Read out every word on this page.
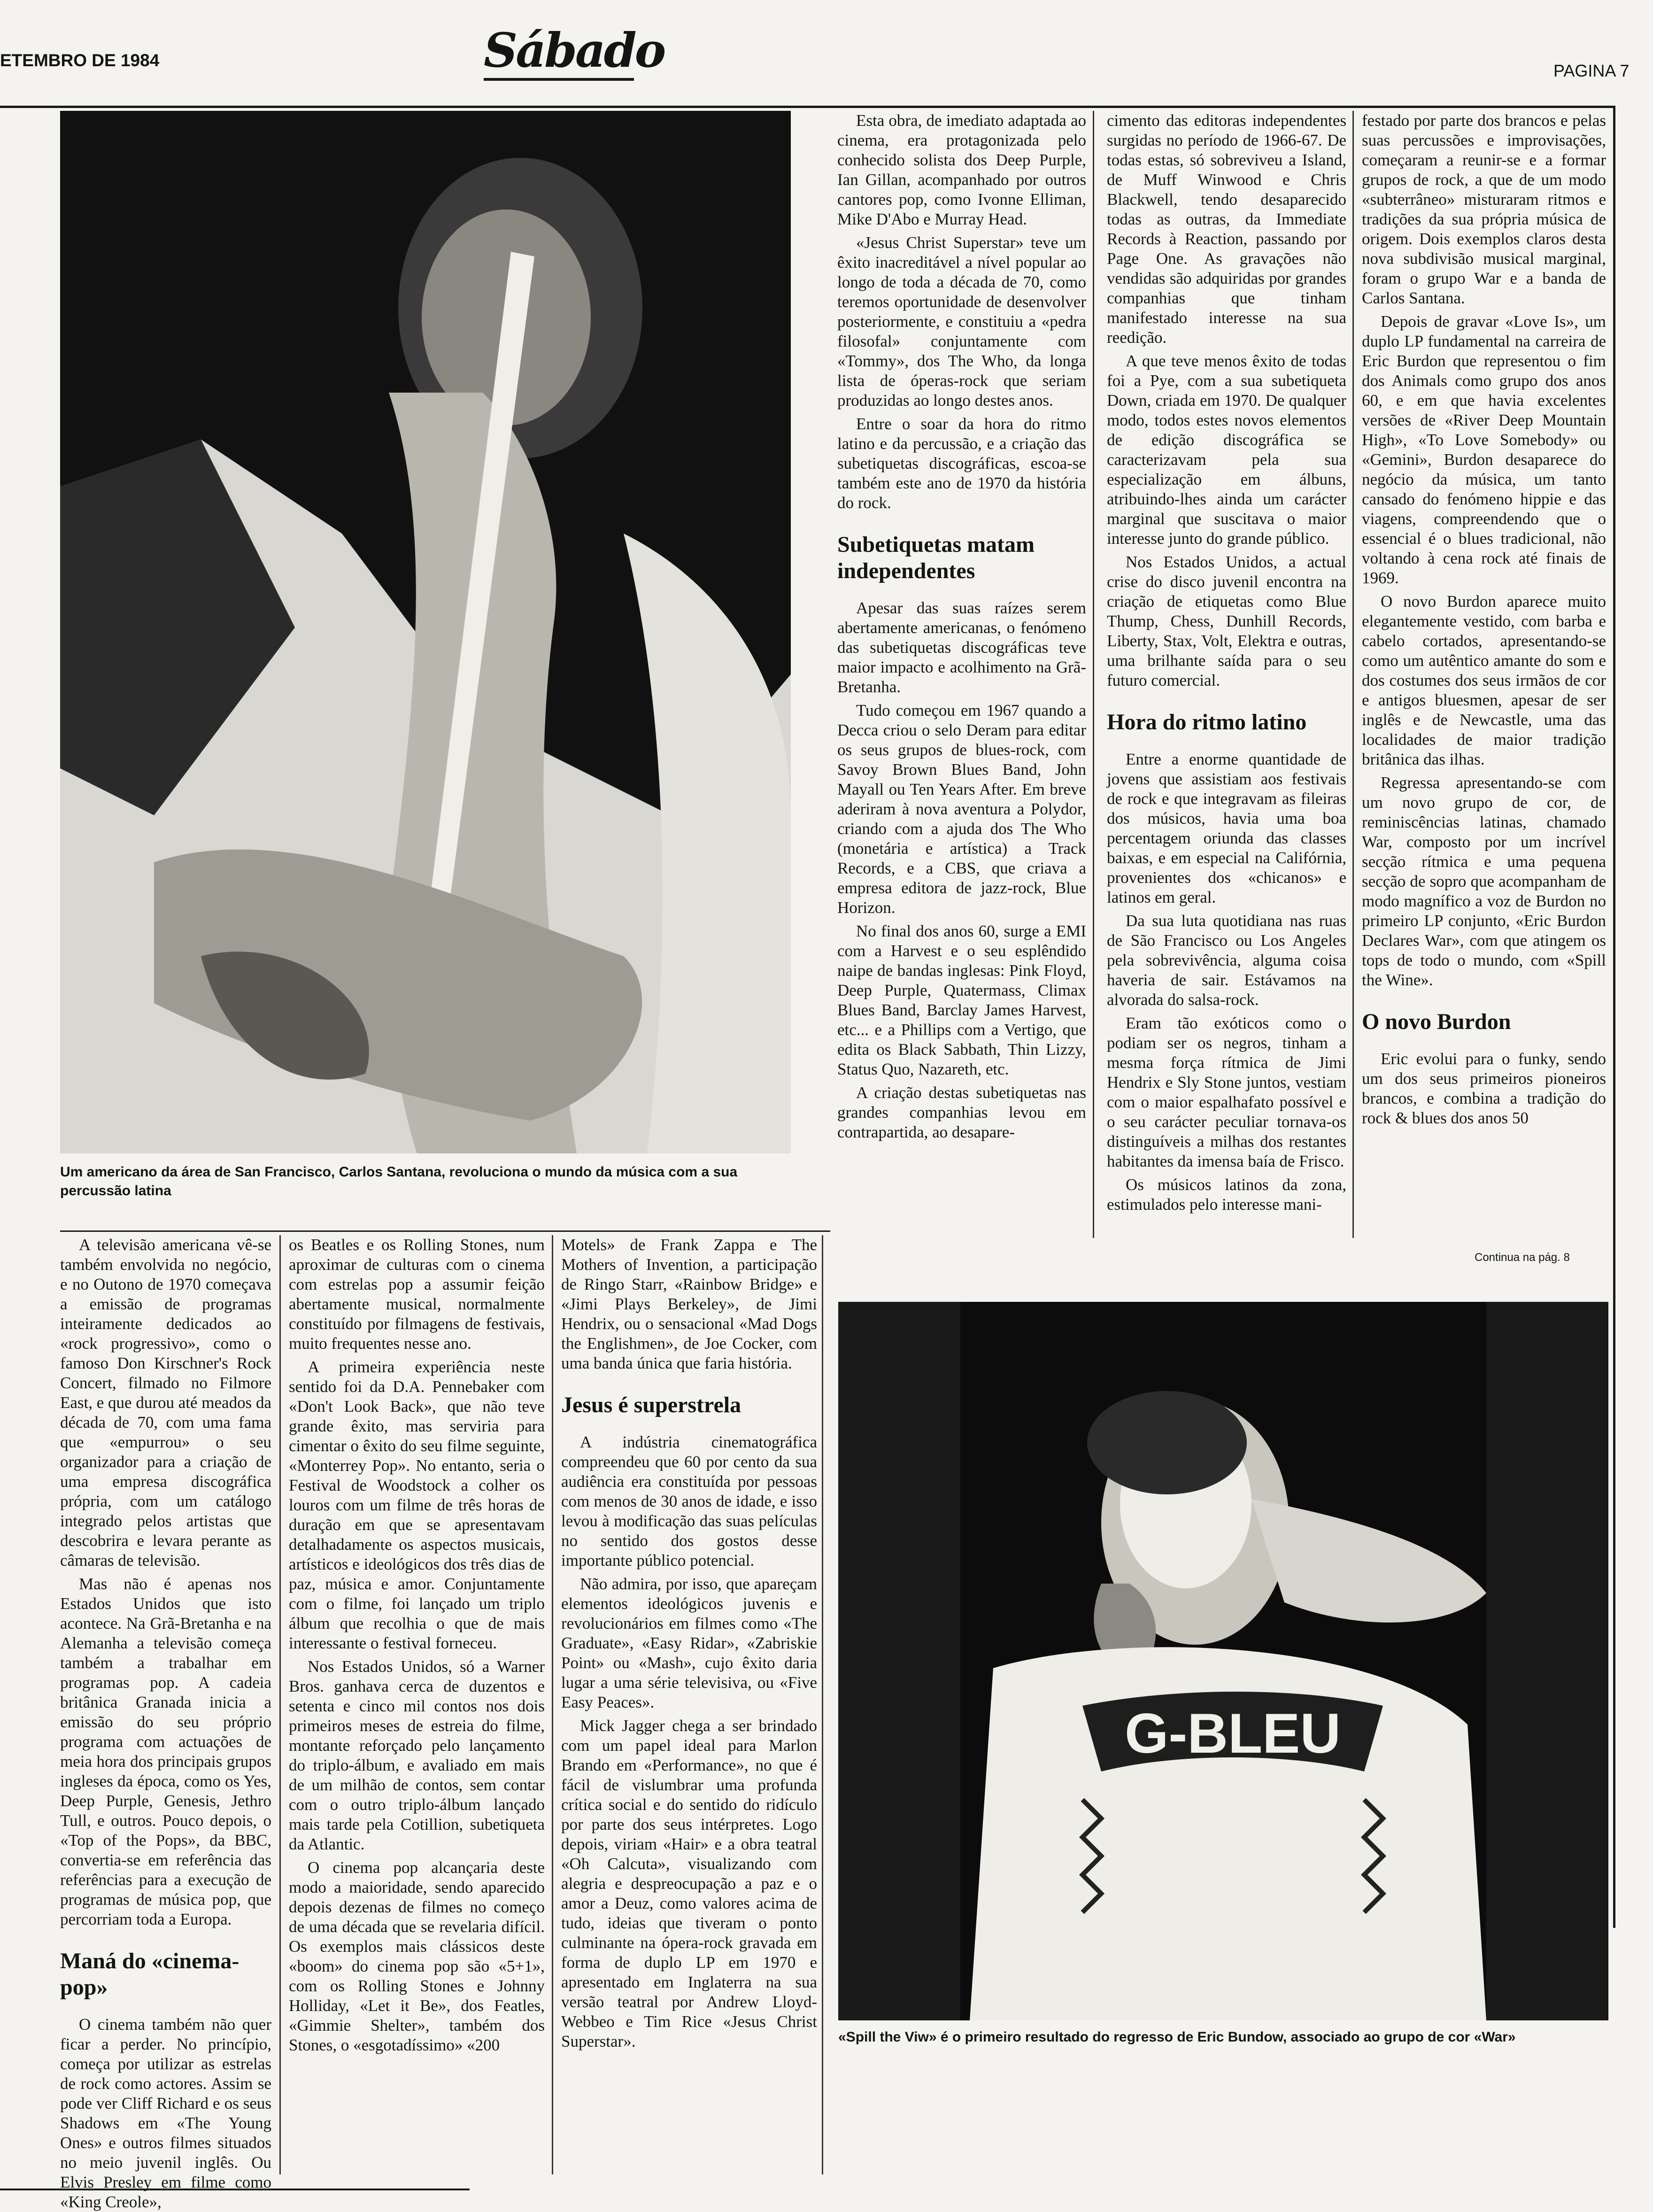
ETEMBRO DE 1984	Sábado	PAGINA 7
Um americano da área de San Francisco, Carlos Santana, revoluciona o mundo da música com a sua percussão latina

Esta obra, de imediato adaptada ao cinema, era protagonizada pelo conhecido solista dos Deep Purple, Ian Gillan, acompanhado por outros cantores pop, como Ivonne Elliman, Mike D'Abo e Murray Head.

«Jesus Christ Superstar» teve um êxito inacreditável a nível popular ao longo de toda a década de 70, como teremos oportunidade de desenvolver posteriormente, e constituiu a «pedra filosofal» conjuntamente com «Tommy», dos The Who, da longa lista de óperas-rock que seriam produzidas ao longo destes anos.

Entre o soar da hora do ritmo latino e da percussão, e a criação das subetiquetas discográficas, escoa-se também este ano de 1970 da história do rock.

Subetiquetas matam independentes

Apesar das suas raízes serem abertamente americanas, o fenómeno das subetiquetas discográficas teve maior impacto e acolhimento na Grã-Bretanha.

Tudo começou em 1967 quando a Decca criou o selo Deram para editar os seus grupos de blues-rock, com Savoy Brown Blues Band, John Mayall ou Ten Years After. Em breve aderiram à nova aventura a Polydor, criando com a ajuda dos The Who (monetária e artística) a Track Records, e a CBS, que criava a empresa editora de jazz-rock, Blue Horizon.

No final dos anos 60, surge a EMI com a Harvest e o seu esplêndido naipe de bandas inglesas: Pink Floyd, Deep Purple, Quatermass, Climax Blues Band, Barclay James Harvest, etc... e a Phillips com a Vertigo, que edita os Black Sabbath, Thin Lizzy, Status Quo, Nazareth, etc.

A criação destas subetiquetas nas grandes companhias levou em contrapartida, ao desapare-

cimento das editoras independentes surgidas no período de 1966-67. De todas estas, só sobreviveu a Island, de Muff Winwood e Chris Blackwell, tendo desaparecido todas as outras, da Immediate Records à Reaction, passando por Page One. As gravações não vendidas são adquiridas por grandes companhias que tinham manifestado interesse na sua reedição.

A que teve menos êxito de todas foi a Pye, com a sua subetiqueta Down, criada em 1970. De qualquer modo, todos estes novos elementos de edição discográfica se caracterizavam pela sua especialização em álbuns, atribuindo-lhes ainda um carácter marginal que suscitava o maior interesse junto do grande público.

Nos Estados Unidos, a actual crise do disco juvenil encontra na criação de etiquetas como Blue Thump, Chess, Dunhill Records, Liberty, Stax, Volt, Elektra e outras, uma brilhante saída para o seu futuro comercial.

Hora do ritmo latino

Entre a enorme quantidade de jovens que assistiam aos festivais de rock e que integravam as fileiras dos músicos, havia uma boa percentagem oriunda das classes baixas, e em especial na Califórnia, provenientes dos «chicanos» e latinos em geral.

Da sua luta quotidiana nas ruas de São Francisco ou Los Angeles pela sobrevivência, alguma coisa haveria de sair. Estávamos na alvorada do salsa-rock.

Eram tão exóticos como o podiam ser os negros, tinham a mesma força rítmica de Jimi Hendrix e Sly Stone juntos, vestiam com o maior espalhafato possível e o seu carácter peculiar tornava-os distinguíveis a milhas dos restantes habitantes da imensa baía de Frisco.

Os músicos latinos da zona, estimulados pelo interesse mani-

festado por parte dos brancos e pelas suas percussões e improvisações, começaram a reunir-se e a formar grupos de rock, a que de um modo «subterrâneo» misturaram ritmos e tradições da sua própria música de origem. Dois exemplos claros desta nova subdivisão musical marginal, foram o grupo War e a banda de Carlos Santana.

Depois de gravar «Love Is», um duplo LP fundamental na carreira de Eric Burdon que representou o fim dos Animals como grupo dos anos 60, e em que havia excelentes versões de «River Deep Mountain High», «To Love Somebody» ou «Gemini», Burdon desaparece do negócio da música, um tanto cansado do fenómeno hippie e das viagens, compreendendo que o essencial é o blues tradicional, não voltando à cena rock até finais de 1969.

O novo Burdon aparece muito elegantemente vestido, com barba e cabelo cortados, apresentando-se como um autêntico amante do som e dos costumes dos seus irmãos de cor e antigos bluesmen, apesar de ser inglês e de Newcastle, uma das localidades de maior tradição britânica das ilhas.

Regressa apresentando-se com um novo grupo de cor, de reminiscências latinas, chamado War, composto por um incrível secção rítmica e uma pequena secção de sopro que acompanham de modo magnífico a voz de Burdon no primeiro LP conjunto, «Eric Burdon Declares War», com que atingem os tops de todo o mundo, com «Spill the Wine».

O novo Burdon

Eric evolui para o funky, sendo um dos seus primeiros pioneiros brancos, e combina a tradição do rock & blues dos anos 50

Continua na pág. 8

A televisão americana vê-se também envolvida no negócio, e no Outono de 1970 começava a emissão de programas inteiramente dedicados ao «rock progressivo», como o famoso Don Kirschner's Rock Concert, filmado no Filmore East, e que durou até meados da década de 70, com uma fama que «empurrou» o seu organizador para a criação de uma empresa discográfica própria, com um catálogo integrado pelos artistas que descobrira e levara perante as câmaras de televisão.

Mas não é apenas nos Estados Unidos que isto acontece. Na Grã-Bretanha e na Alemanha a televisão começa também a trabalhar em programas pop. A cadeia britânica Granada inicia a emissão do seu próprio programa com actuações de meia hora dos principais grupos ingleses da época, como os Yes, Deep Purple, Genesis, Jethro Tull, e outros. Pouco depois, o «Top of the Pops», da BBC, convertia-se em referência das referências para a execução de programas de música pop, que percorriam toda a Europa.

Maná do «cinema-pop»

O cinema também não quer ficar a perder. No princípio, começa por utilizar as estrelas de rock como actores. Assim se pode ver Cliff Richard e os seus Shadows em «The Young Ones» e outros filmes situados no meio juvenil inglês. Ou Elvis Presley em filme como «King Creole»,

os Beatles e os Rolling Stones, num aproximar de culturas com o cinema com estrelas pop a assumir feição abertamente musical, normalmente constituído por filmagens de festivais, muito frequentes nesse ano.

A primeira experiência neste sentido foi da D.A. Pennebaker com «Don't Look Back», que não teve grande êxito, mas serviria para cimentar o êxito do seu filme seguinte, «Monterrey Pop». No entanto, seria o Festival de Woodstock a colher os louros com um filme de três horas de duração em que se apresentavam detalhadamente os aspectos musicais, artísticos e ideológicos dos três dias de paz, música e amor. Conjuntamente com o filme, foi lançado um triplo álbum que recolhia o que de mais interessante o festival forneceu.

Nos Estados Unidos, só a Warner Bros. ganhava cerca de duzentos e setenta e cinco mil contos nos dois primeiros meses de estreia do filme, montante reforçado pelo lançamento do triplo-álbum, e avaliado em mais de um milhão de contos, sem contar com o outro triplo-álbum lançado mais tarde pela Cotillion, subetiqueta da Atlantic.

O cinema pop alcançaria deste modo a maioridade, sendo aparecido depois dezenas de filmes no começo de uma década que se revelaria difícil. Os exemplos mais clássicos deste «boom» do cinema pop são «5+1», com os Rolling Stones e Johnny Holliday, «Let it Be», dos Featles, «Gimmie Shelter», também dos Stones, o «esgotadíssimo» «200

Motels» de Frank Zappa e The Mothers of Invention, a participação de Ringo Starr, «Rainbow Bridge» e «Jimi Plays Berkeley», de Jimi Hendrix, ou o sensacional «Mad Dogs the Englishmen», de Joe Cocker, com uma banda única que faria história.

Jesus é superstrela

A indústria cinematográfica compreendeu que 60 por cento da sua audiência era constituída por pessoas com menos de 30 anos de idade, e isso levou à modificação das suas películas no sentido dos gostos desse importante público potencial.

Não admira, por isso, que apareçam elementos ideológicos juvenis e revolucionários em filmes como «The Graduate», «Easy Ridar», «Zabriskie Point» ou «Mash», cujo êxito daria lugar a uma série televisiva, ou «Five Easy Peaces».

Mick Jagger chega a ser brindado com um papel ideal para Marlon Brando em «Performance», no que é fácil de vislumbrar uma profunda crítica social e do sentido do ridículo por parte dos seus intérpretes. Logo depois, viriam «Hair» e a obra teatral «Oh Calcuta», visualizando com alegria e despreocupação a paz e o amor a Deuz, como valores acima de tudo, ideias que tiveram o ponto culminante na ópera-rock gravada em forma de duplo LP em 1970 e apresentado em Inglaterra na sua versão teatral por Andrew Lloyd-Webbeo e Tim Rice «Jesus Christ Superstar».

G-BLEU
«Spill the Viw» é o primeiro resultado do regresso de Eric Bundow, associado ao grupo de cor «War»
